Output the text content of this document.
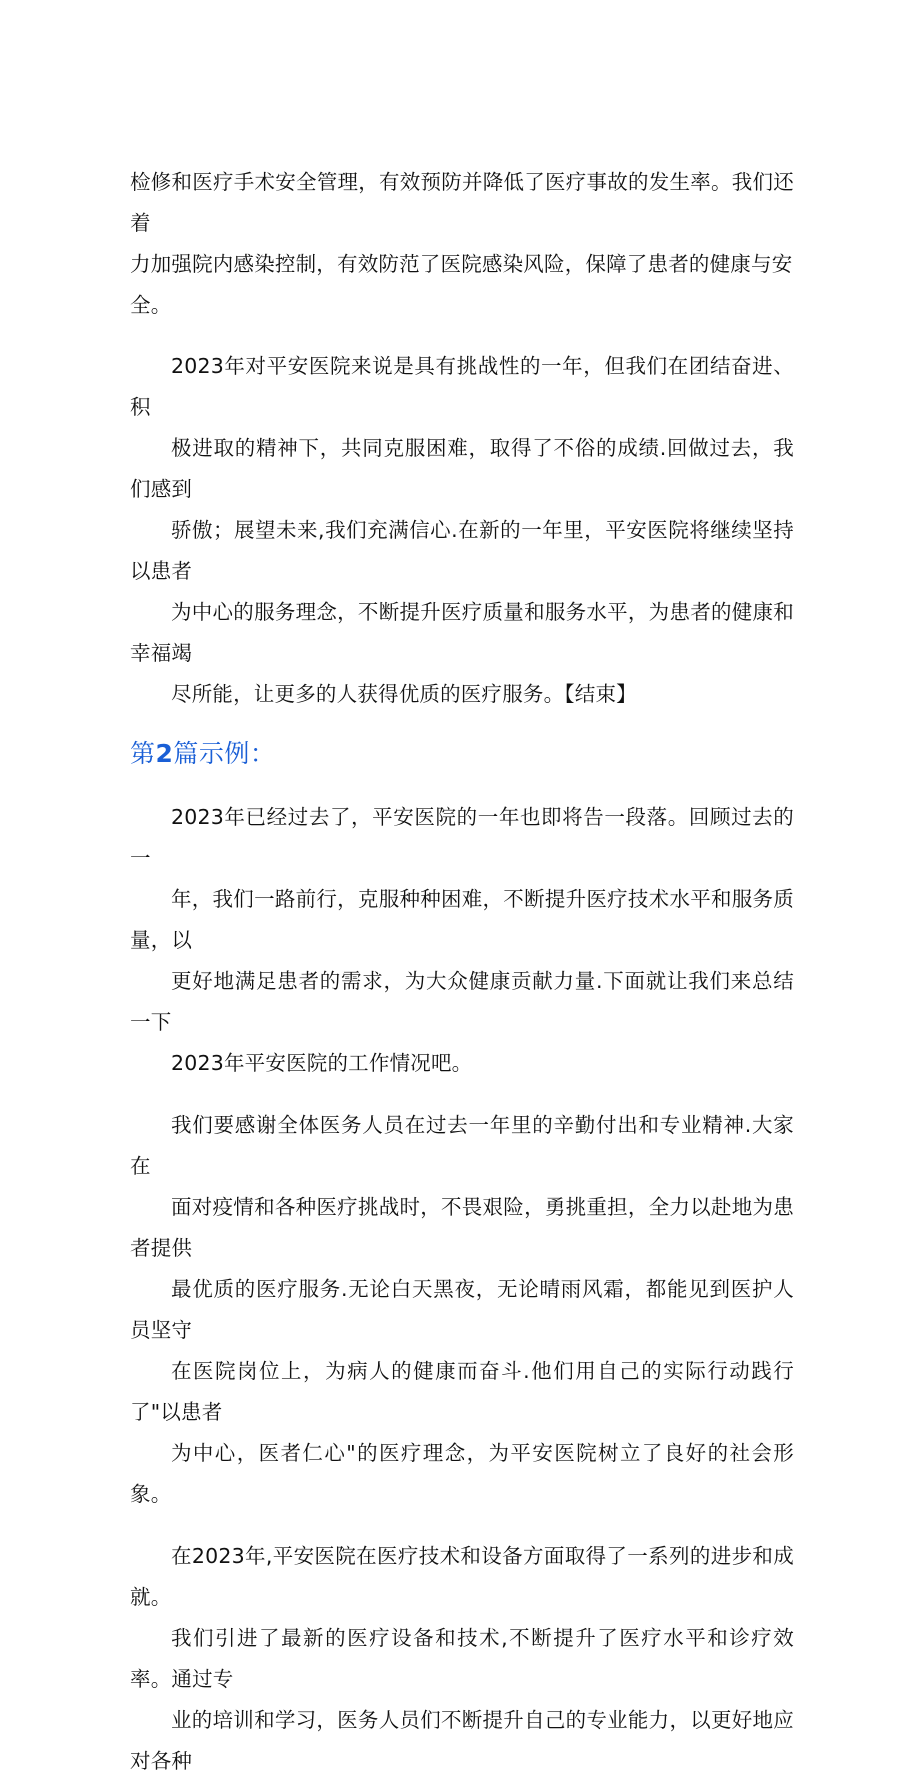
检修和医疗手术安全管理，有效预防并降低了医疗事故的发生率。我们还着
力加强院内感染控制，有效防范了医院感染风险，保障了患者的健康与安
全。

2023年对平安医院来说是具有挑战性的一年，但我们在团结奋进、积
极进取的精神下，共同克服困难，取得了不俗的成绩.回做过去，我们感到
骄傲；展望未来,我们充满信心.在新的一年里，平安医院将继续坚持以患者
为中心的服务理念，不断提升医疗质量和服务水平，为患者的健康和幸福竭
尽所能，让更多的人获得优质的医疗服务。【结束】

第2篇示例：

2023年已经过去了，平安医院的一年也即将告一段落。回顾过去的一
年，我们一路前行，克服种种困难，不断提升医疗技术水平和服务质量，以
更好地满足患者的需求，为大众健康贡献力量.下面就让我们来总结一下
2023年平安医院的工作情况吧。

我们要感谢全体医务人员在过去一年里的辛勤付出和专业精神.大家在
面对疫情和各种医疗挑战时，不畏艰险，勇挑重担，全力以赴地为患者提供
最优质的医疗服务.无论白天黑夜，无论晴雨风霜，都能见到医护人员坚守
在医院岗位上，为病人的健康而奋斗.他们用自己的实际行动践行了"以患者
为中心，医者仁心"的医疗理念，为平安医院树立了良好的社会形象。

在2023年,平安医院在医疗技术和设备方面取得了一系列的进步和成就。
我们引进了最新的医疗设备和技术,不断提升了医疗水平和诊疗效率。通过专
业的培训和学习，医务人员们不断提升自己的专业能力，以更好地应对各种
